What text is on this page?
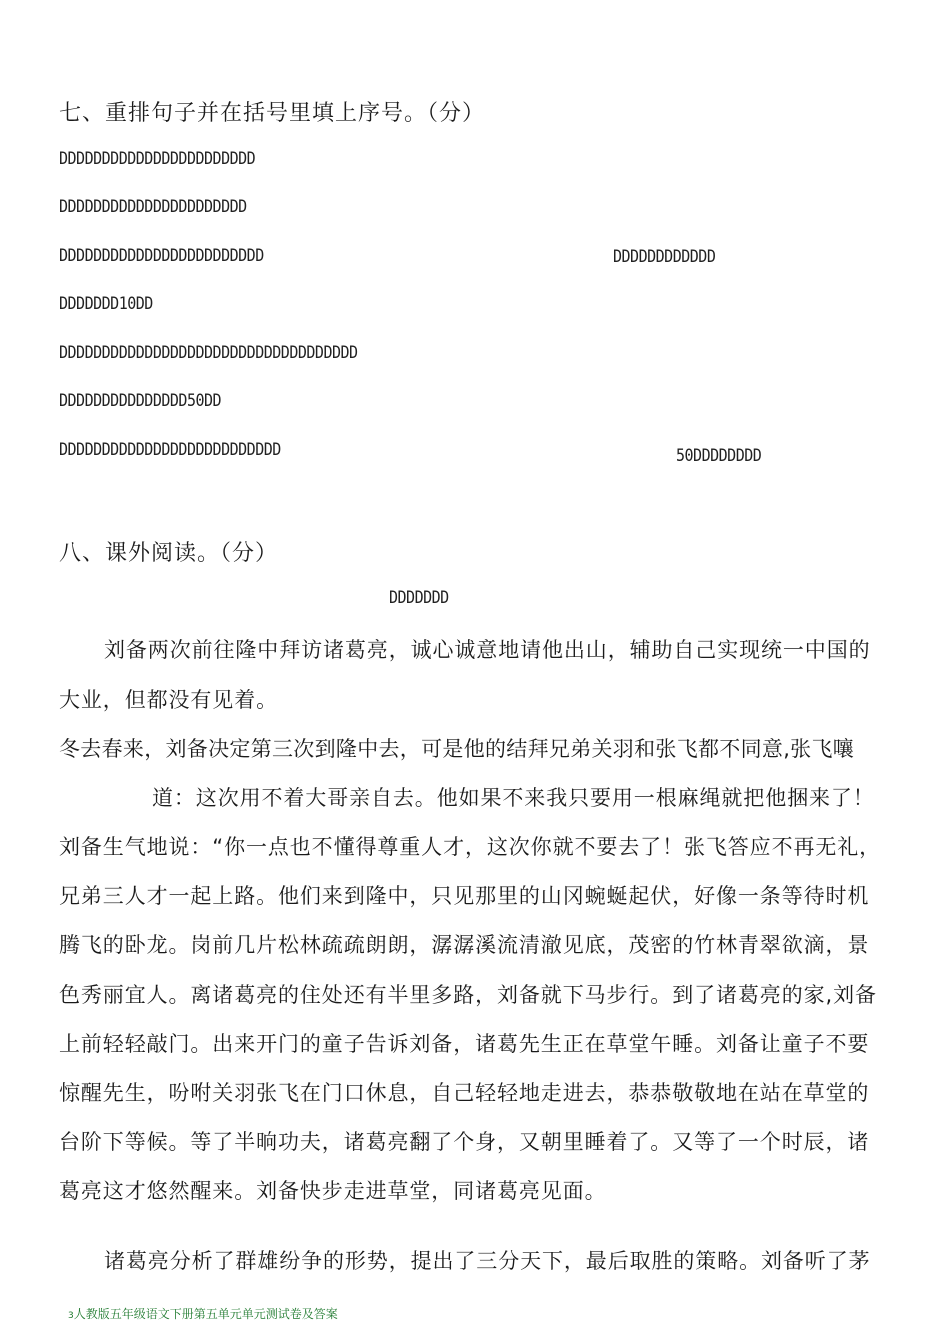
七、重排句子并在括号里填上序号。（分）
DDDDDDDDDDDDDDDDDDDDDDD
DDDDDDDDDDDDDDDDDDDDDD
DDDDDDDDDDDDDDDDDDDDDDDD	DDDDDDDDDDDD
DDDDDDD10DD
DDDDDDDDDDDDDDDDDDDDDDDDDDDDDDDDDDD
DDDDDDDDDDDDDDD50DD
DDDDDDDDDDDDDDDDDDDDDDDDDD	50DDDDDDDD
八、课外阅读。（分）
DDDDDDD
刘备两次前往隆中拜访诸葛亮，诚心诚意地请他出山，辅助自己实现统一中国的
大业，但都没有见着。
冬去春来，刘备决定第三次到隆中去，可是他的结拜兄弟关羽和张飞都不同意,张飞嚷
道：这次用不着大哥亲自去。他如果不来我只要用一根麻绳就把他捆来了！
刘备生气地说：“你一点也不懂得尊重人才，这次你就不要去了！张飞答应不再无礼，
兄弟三人才一起上路。他们来到隆中，只见那里的山冈蜿蜒起伏，好像一条等待时机
腾飞的卧龙。岗前几片松林疏疏朗朗，潺潺溪流清澈见底，茂密的竹林青翠欲滴，景
色秀丽宜人。离诸葛亮的住处还有半里多路，刘备就下马步行。到了诸葛亮的家,刘备
上前轻轻敲门。出来开门的童子告诉刘备，诸葛先生正在草堂午睡。刘备让童子不要
惊醒先生，吩咐关羽张飞在门口休息，自己轻轻地走进去，恭恭敬敬地在站在草堂的
台阶下等候。等了半晌功夫，诸葛亮翻了个身，又朝里睡着了。又等了一个时辰，诸
葛亮这才悠然醒来。刘备快步走进草堂，同诸葛亮见面。
诸葛亮分析了群雄纷争的形势，提出了三分天下，最后取胜的策略。刘备听了茅
3人教版五年级语文下册第五单元单元测试卷及答案
